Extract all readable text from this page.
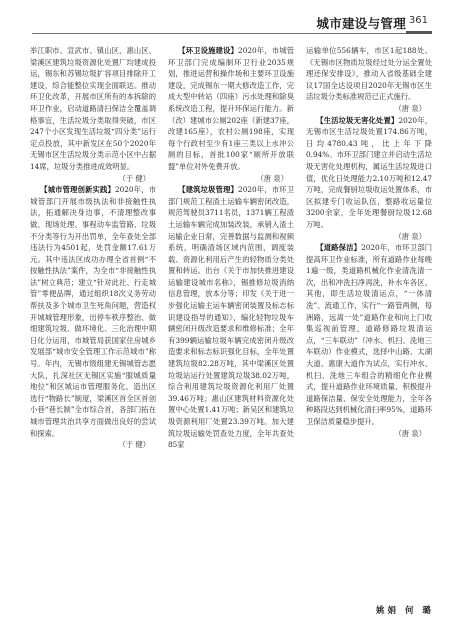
城市建设与管理 361

举江职市、宣武市、镇山区、惠山区、梁溪区建筑垃圾资源化处置厂均建成投运，锡东和苏锡垃圾扩容项目排除开工建设，综合能整位实现全面联达。推动环卫化改革，开展市区所有的本拆除的环卫作业，启动道路清扫保洁全覆盖调格事宜，生活垃圾分类取得突破，市区247个小区发现生活垃圾“四分类”运行定点投放，其中新发区在50个2020年无锡市区生活垃圾分类示范小区中占据14席，垃圾分类推进成效明显。

（于 健）

【城市管理创新实践】2020年，市城管部门开展市级执法和非接触性执法，拓通解决身边事，不清理整改事做、现场处理、事程动车监管路、垃圾不分类等行为开出罚单，全年查处全部违法行为4501起，处罚金额17.61万元。其中违法区成功办理全省首例“不按触性执法”案件，为全市“非接触性执法”树立典范；建立“针对此社、行走城管”零便品牌，通过组织18次义务劳动帮扶及多个城市卫生死角问题，营造权开城城管理形象，出停车秩序整治、做细建筑垃圾、做环境化、三化治理中期日化分运用，市城管局获国家住房城乡发展部“城市安全管理工作示范城市”称号。年内，无锡市级组建无锡城管志愿大队，扎深社区无锡区实施“服城质量地位”和区城运市管理服务化，造出区选行“物路长”制度，梁溪区首全区首创小巷“巷长制”全市综合首，各部门拓在城市管理共治共享方面做出良好的尝试和探索。

（于 健）

【环卫设施建设】2020年，市城管环卫部门完成编制环卫行业2035规划，推进运营和操作场和主要环卫设施建设，完成锡东一期大修改造工作，完成大型中转站（四座）污水处理和除臭系统改造工程，提升环保运行能力。新（改）建城市公厕202座（新建37座，改建165座），农村公厕198座，实现每个行政村至少有1座三类以上水冲公厕的目标，首批100家“厕所开放联盟”单位对外免费开放。

（唐 泉）

【建筑垃圾管理】2020年，市环卫部门规范工程渣土运输车辆密闭改造，规范驾驶员3711名员，1371辆工程渣土运输车辆完成加装改装，承销入渣土运输企业日常，完善数据与监测和视频系统，明确渣场区域内范围，调度装载、资源化利用后产生的轻物质分类处置和转运。出台《关于市加快推进建设运输建设城市名称》，锡推修垃圾消纳信息管理，放本分等；印发《关于进一步强化运输主运车辆密闭装置及标志标识建设指导的通知》，编化轻物垃圾车辆密闭升级改造要求和维修标准；全年有399辆运输垃圾车辆完成密闭升级改造要求和标志标识强化目标，全年处置建筑垃圾82.28万吨，其中梁溪区处置垃圾站运行处置建筑垃圾38.02万吨，综合利用建筑垃圾资源化利用厂处置39.46万吨；惠山区建筑材料资源化处置中心处置1.41万吨；新吴区和建筑垃圾资源利用厂处置23.39万吨。加大建筑垃圾运输处罚查处力度，全年共查处85家

运输单位556辆车，市区1起188处。《无锡市区物质垃圾经过处分运全置处理还保安排设》，推动入省级基础全建议17国全达设项目2020年无锡市区生活垃圾分类标准规范已正式施行。

（唐 泉）

【生活垃圾无害化处置】2020年，无锡市区生活垃圾处置174.86万吨，日均4780.43吨，比上年下降0.94%。市环卫部门建立并启动生活垃圾无害化处理机构，属运生活垃圾进口值，优化日处理能力2.10万吨和12.47万吨，完成餐厨垃圾收运处置体系，市区拟建专门收运队伍，整路收运量位3200余家，全年处理餐厨垃圾12.68万吨。

（唐 泉）

【道路保洁】2020年，市环卫部门提高环卫作业标准，所有道路作业每晚1遍一级，类道路机械化作业清洗清一次，出和冲洗扫净再洗，补水车各区，其他，即生活垃圾清运点，“一体清洗”、流通工作，实行“一路管两侧，每洲路，远离一处”道路作业和向上门收集巡视前管理，道路修路垃圾清运点，“三车联动”（冲水、机扫、洗地三车联动）作业模式，选择中山路、太湖大道、惠康大道作为试点，实行冲水、机扫、洗地三车组合的精细化作业模式，提升道路作业环境质量、积极提升道路保洁量、保安全处理能力，全年各种路段达到机械化清扫率95%，道路环卫保洁质量稳步提升。

（唐 泉）
姚娟 何 璐
